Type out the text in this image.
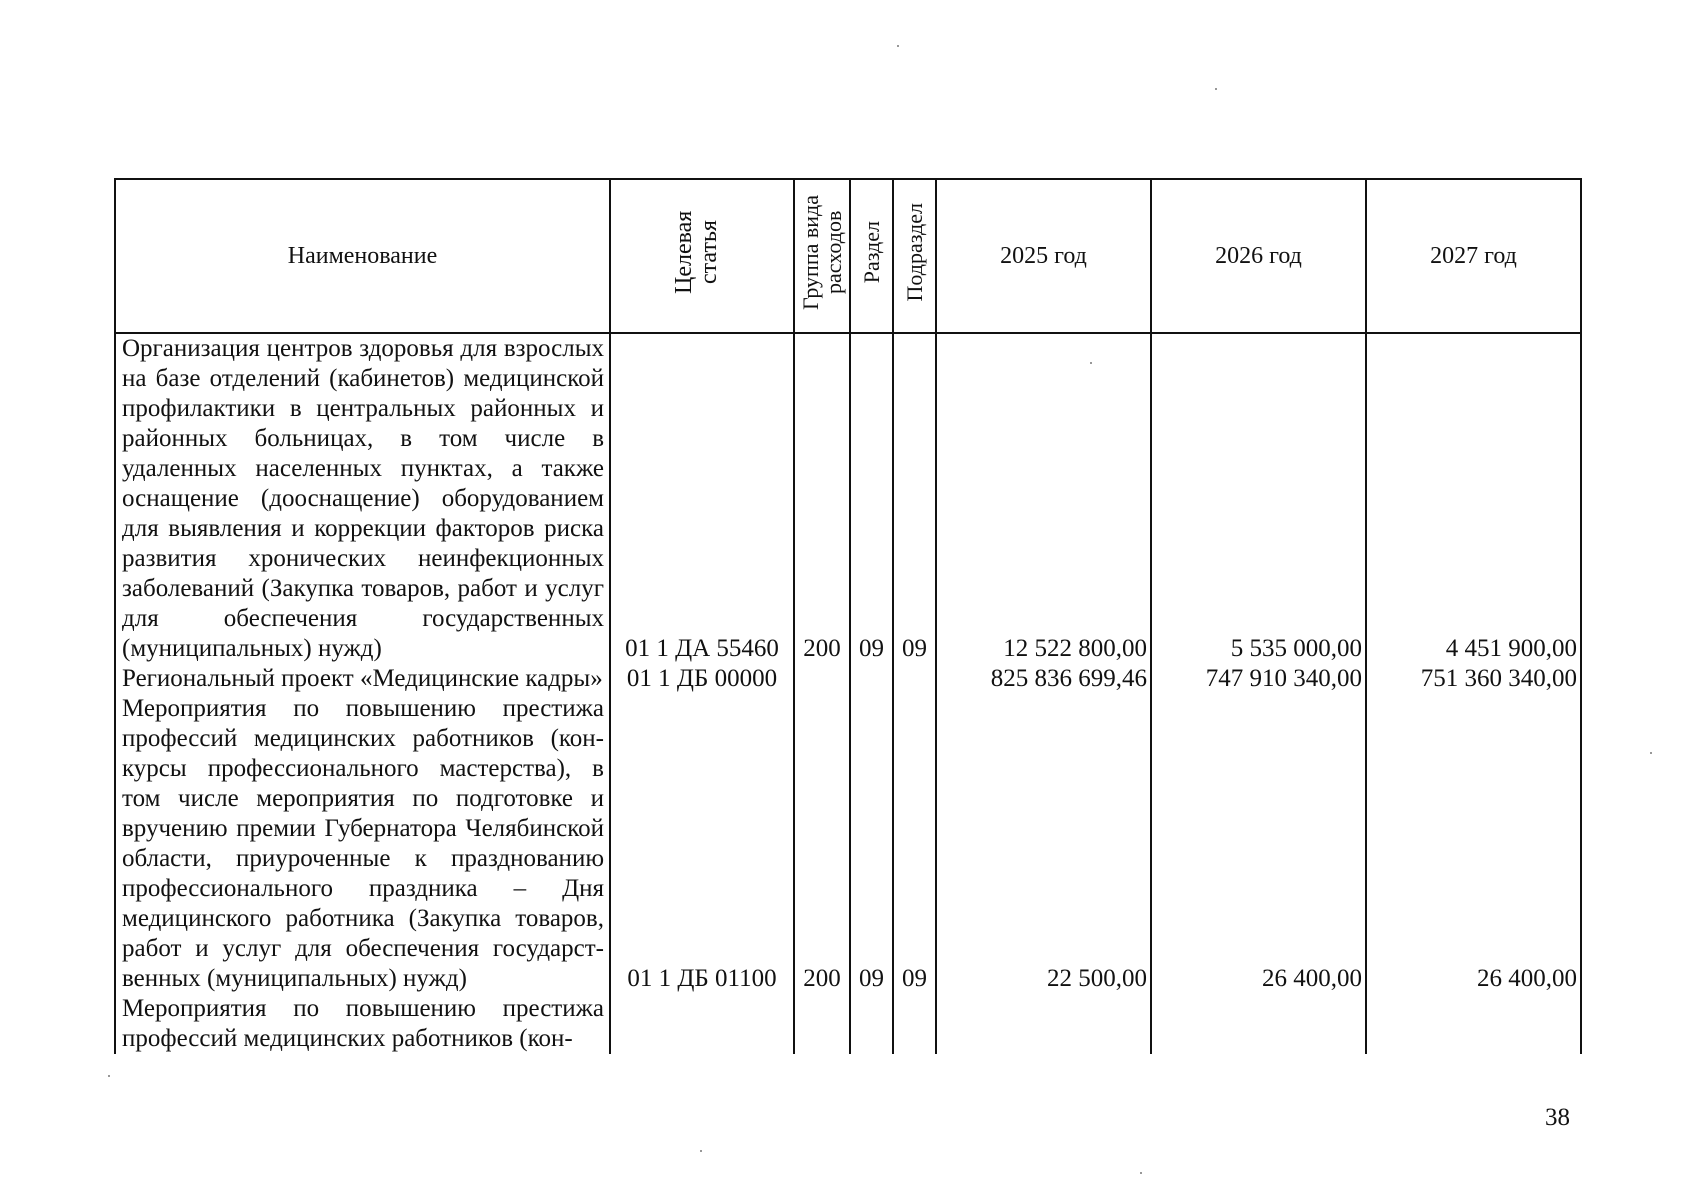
Наименование	Целевая статья	Группа вида расходов	Раздел	Подраздел	2025 год	2026 год	2027 год
Организация центров здоровья для взрослых на базе отделений (кабинетов) медицинской профилактики в центральных районных и районных больницах, в том числе в удаленных населенных пунктах, а также оснащение (дооснащение) оборудованием для выявления и коррекции факторов риска развития хронических неинфекционных заболеваний (Закупка товаров, работ и услуг для обеспечения государственных (муниципальных) нужд)	01 1 ДА 55460	200	09	09	12 522 800,00	5 535 000,00	4 451 900,00
Региональный проект «Медицинские кадры»	01 1 ДБ 00000				825 836 699,46	747 910 340,00	751 360 340,00
Мероприятия по повышению престижа профессий медицинских работников (конкурсы профессионального мастерства), в том числе мероприятия по подготовке и вручению премии Губернатора Челябинской области, приуроченные к празднованию профессионального праздника – Дня медицинского работника (Закупка товаров, работ и услуг для обеспечения государственных (муниципальных) нужд)	01 1 ДБ 01100	200	09	09	22 500,00	26 400,00	26 400,00
Мероприятия по повышению престижа профессий медицинских работников (кон-							
38
